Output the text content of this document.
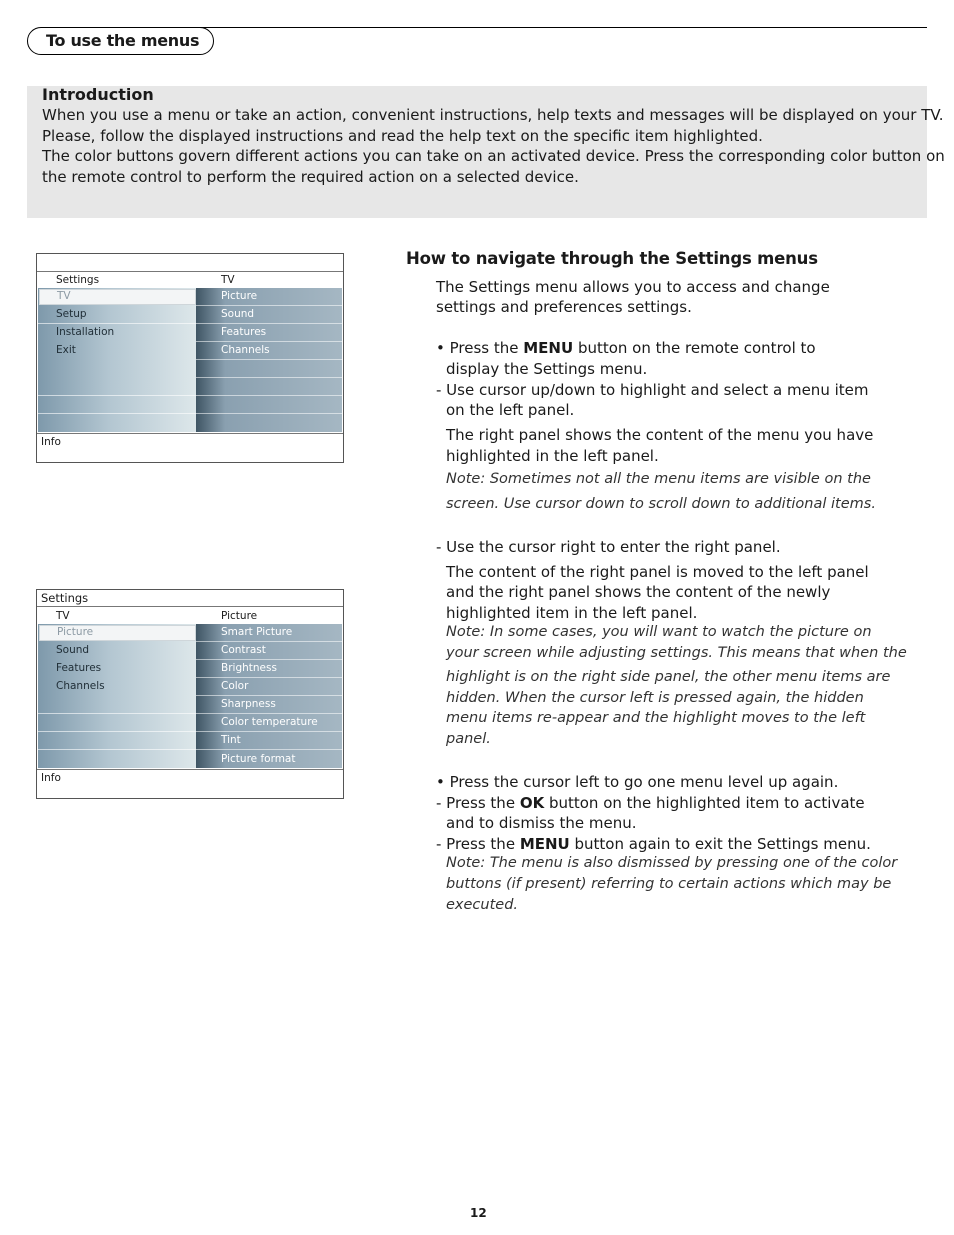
To use the menus
Introduction
When you use a menu or take an action, convenient instructions, help texts and messages will be displayed on your TV.
Please, follow the displayed instructions and read the help text on the specific item highlighted.
The color buttons govern different actions you can take on an activated device. Press the corresponding color button on
the remote control to perform the required action on a selected device.
Settings	TV
TV
Setup
Installation
Exit
Picture
Sound
Features
Channels
Info
Settings
TV	Picture
Picture
Sound
Features
Channels
Smart Picture
Contrast
Brightness
Color
Sharpness
Color temperature
Tint
Picture format
Info
How to navigate through the Settings menus
The Settings menu allows you to access and change
settings and preferences settings.
• Press the MENU button on the remote control to
display the Settings menu.
- Use cursor up/down to highlight and select a menu item
on the left panel.
The right panel shows the content of the menu you have
highlighted in the left panel.
Note: Sometimes not all the menu items are visible on the
screen. Use cursor down to scroll down to additional items.
- Use the cursor right to enter the right panel.
The content of the right panel is moved to the left panel
and the right panel shows the content of the newly
highlighted item in the left panel.
Note: In some cases, you will want to watch the picture on
your screen while adjusting settings. This means that when the
highlight is on the right side panel, the other menu items are
hidden. When the cursor left is pressed again, the hidden
menu items re-appear and the highlight moves to the left
panel.
• Press the cursor left to go one menu level up again.
- Press the OK button on the highlighted item to activate
and to dismiss the menu.
- Press the MENU button again to exit the Settings menu.
Note: The menu is also dismissed by pressing one of the color
buttons (if present) referring to certain actions which may be
executed.
12
